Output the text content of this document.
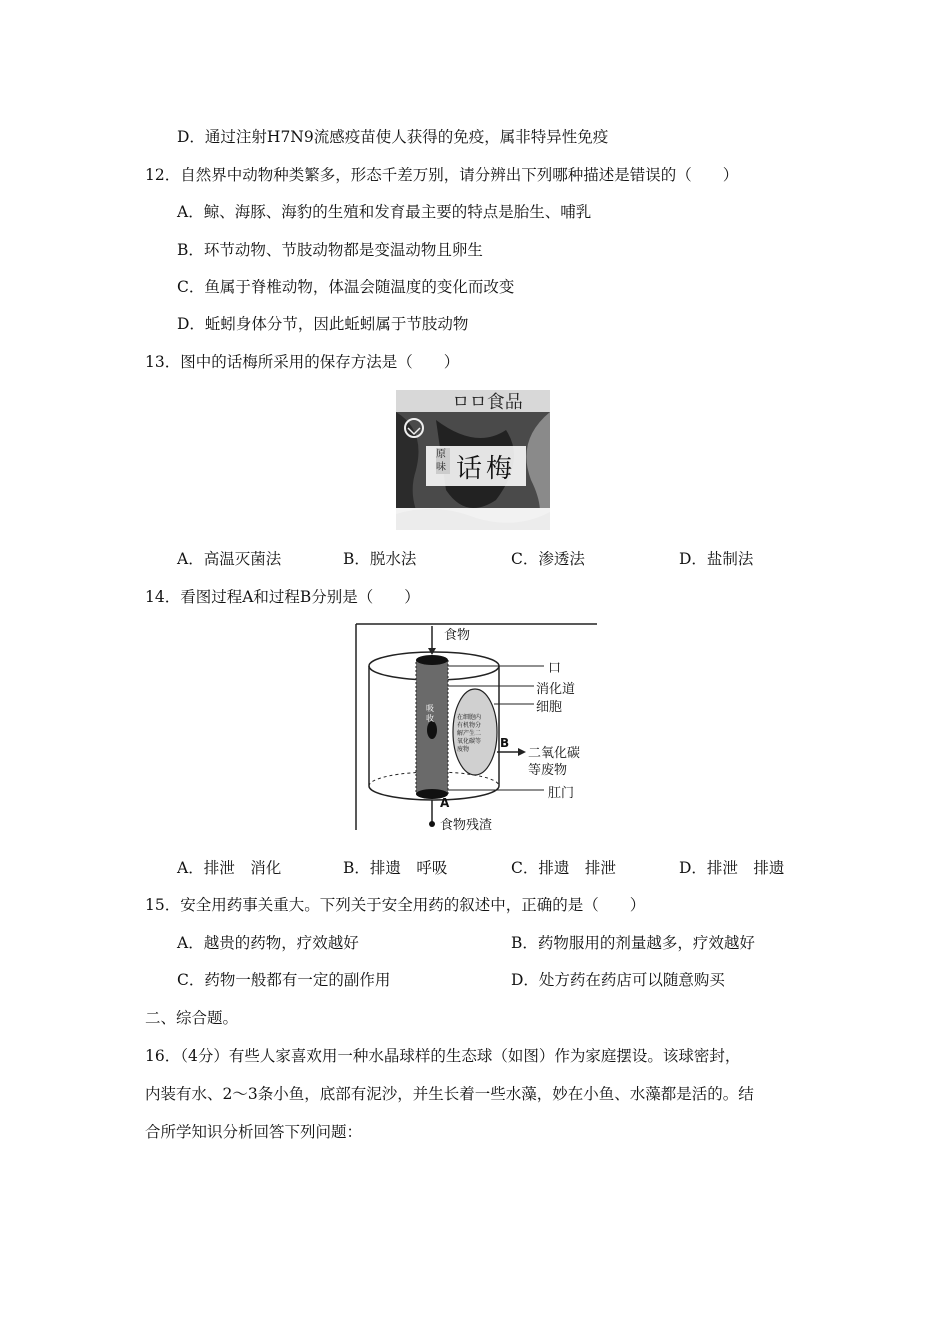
D．通过注射H7N9流感疫苗使人获得的免疫，属非特异性免疫
12．自然界中动物种类繁多，形态千差万别，请分辨出下列哪种描述是错误的（　　）
A．鲸、海豚、海豹的生殖和发育最主要的特点是胎生、哺乳
B．环节动物、节肢动物都是变温动物且卵生
C．鱼属于脊椎动物，体温会随温度的变化而改变
D．蚯蚓身体分节，因此蚯蚓属于节肢动物
13．图中的话梅所采用的保存方法是（　　）
ㅁㅁ食品
原味 话梅
A．高温灭菌法	B．脱水法	C．渗透法	D．盐制法
14．看图过程A和过程B分别是（　　）
食物
口
消化道
细胞
吸收	在细胞内
有机物分
解产生二
氧化碳等
废物	B
二氧化碳
等废物
肛门
A
食物残渣
A．排泄　消化	B．排遗　呼吸	C．排遗　排泄	D．排泄　排遗
15．安全用药事关重大。下列关于安全用药的叙述中，正确的是（　　）
A．越贵的药物，疗效越好	B．药物服用的剂量越多，疗效越好
C．药物一般都有一定的副作用	D．处方药在药店可以随意购买
二、综合题。
16．（4分）有些人家喜欢用一种水晶球样的生态球（如图）作为家庭摆设。该球密封，
内装有水、2～3条小鱼，底部有泥沙，并生长着一些水藻，妙在小鱼、水藻都是活的。结
合所学知识分析回答下列问题：
